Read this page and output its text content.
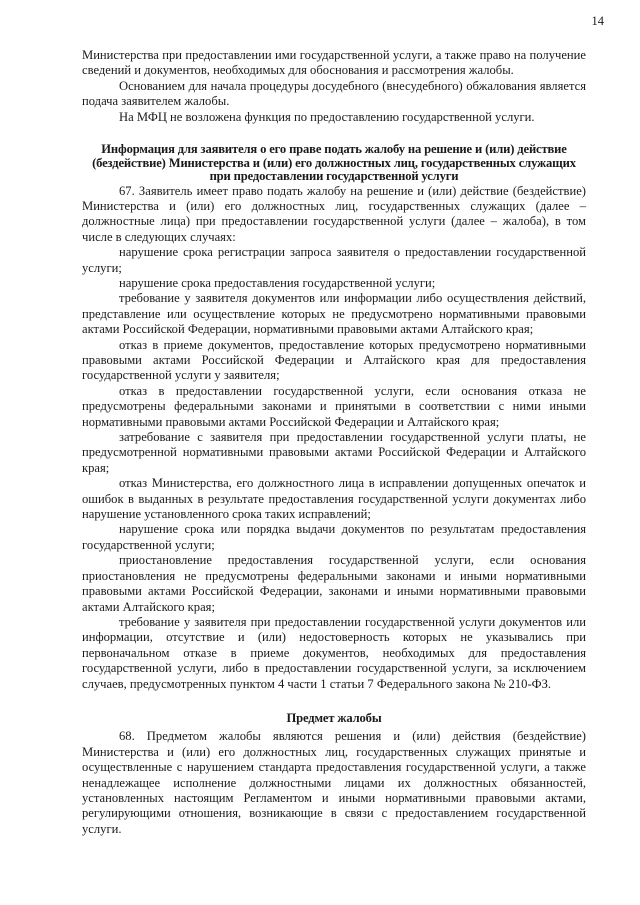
14

Министерства при предоставлении ими государственной услуги, а также право на получение сведений и документов, необходимых для обоснования и рассмотрения жалобы.

Основанием для начала процедуры досудебного (внесудебного) обжалования является подача заявителем жалобы.

На МФЦ не возложена функция по предоставлению государственной услуги.

Информация для заявителя о его праве подать жалобу на решение и (или) действие (бездействие) Министерства и (или) его должностных лиц, государственных служащих при предоставлении государственной услуги

67. Заявитель имеет право подать жалобу на решение и (или) действие (бездействие) Министерства и (или) его должностных лиц, государственных служащих (далее – должностные лица) при предоставлении государственной услуги (далее – жалоба), в том числе в следующих случаях:

нарушение срока регистрации запроса заявителя о предоставлении государственной услуги;

нарушение срока предоставления государственной услуги;

требование у заявителя документов или информации либо осуществления действий, представление или осуществление которых не предусмотрено нормативными правовыми актами Российской Федерации, нормативными правовыми актами Алтайского края;

отказ в приеме документов, предоставление которых предусмотрено нормативными правовыми актами Российской Федерации и Алтайского края для предоставления государственной услуги у заявителя;

отказ в предоставлении государственной услуги, если основания отказа не предусмотрены федеральными законами и принятыми в соответствии с ними иными нормативными правовыми актами Российской Федерации и Алтайского края;

затребование с заявителя при предоставлении государственной услуги платы, не предусмотренной нормативными правовыми актами Российской Федерации и Алтайского края;

отказ Министерства, его должностного лица в исправлении допущенных опечаток и ошибок в выданных в результате предоставления государственной услуги документах либо нарушение установленного срока таких исправлений;

нарушение срока или порядка выдачи документов по результатам предоставления государственной услуги;

приостановление предоставления государственной услуги, если основания приостановления не предусмотрены федеральными законами и иными нормативными правовыми актами Российской Федерации, законами и иными нормативными правовыми актами Алтайского края;

требование у заявителя при предоставлении государственной услуги документов или информации, отсутствие и (или) недостоверность которых не указывались при первоначальном отказе в приеме документов, необходимых для предоставления государственной услуги, либо в предоставлении государственной услуги, за исключением случаев, предусмотренных пунктом 4 части 1 статьи 7 Федерального закона № 210-ФЗ.

Предмет жалобы

68. Предметом жалобы являются решения и (или) действия (бездействие) Министерства и (или) его должностных лиц, государственных служащих принятые и осуществленные с нарушением стандарта предоставления государственной услуги, а также ненадлежащее исполнение должностными лицами их должностных обязанностей, установленных настоящим Регламентом и иными нормативными правовыми актами, регулирующими отношения, возникающие в связи с предоставлением государственной услуги.
